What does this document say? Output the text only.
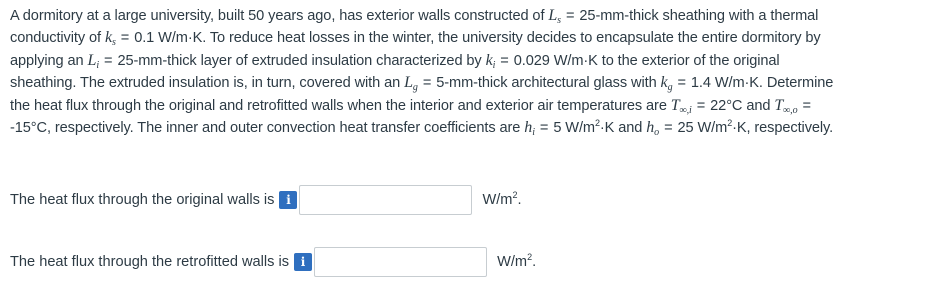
A dormitory at a large university, built 50 years ago, has exterior walls constructed of $L_s$ = 25-mm-thick sheathing with a thermal
conductivity of $k_s = 0.1$ W/m·K. To reduce heat losses in the winter, the university decides to encapsulate the entire dormitory by
applying an $L_i$ = 25-mm-thick layer of extruded insulation characterized by $k_i = 0.029$ W/m·K to the exterior of the original
sheathing. The extruded insulation is, in turn, covered with an $L_g$ = 5-mm-thick architectural glass with $k_g = 1.4$ W/m·K. Determine
the heat flux through the original and retrofitted walls when the interior and exterior air temperatures are $T_{\infty,i} = 22^\circ C$ and $T_{\infty,o}$ =
-15°C, respectively. The inner and outer convection heat transfer coefficients are $h_i = 5$ $W/m^2\cdot K$ and $h_o = 25$ $W/m^2\cdot K$, respectively.
The heat flux through the original walls is i	$W/m^2$.
The heat flux through the retrofitted walls is i	$W/m^2$.
